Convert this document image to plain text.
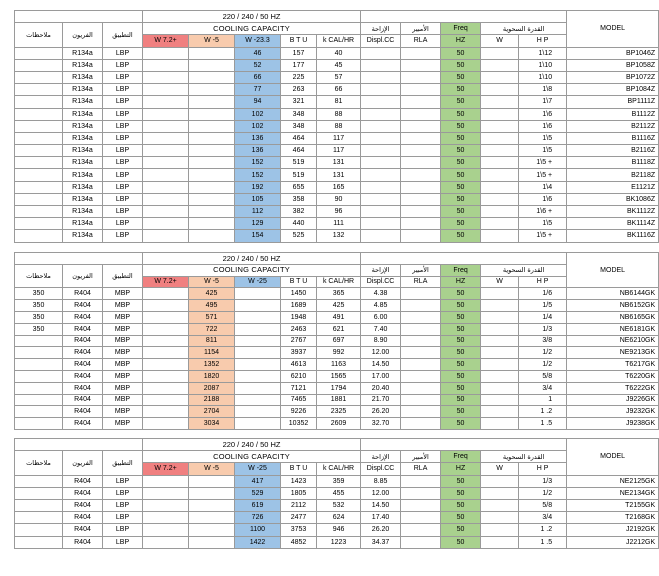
			220 / 240 / 50 HZ										MODEL
ملاحظات	الفريون	التطبيق	COOLING CAPACITY					الإزاحة	الأمبير	Freq	القدرة السحوية		
			W 7.2+	W -5	W -23.3	B T U	k CAL/HR	Displ.CC	RLA	HZ	W	H P	
	R134a	LBP			46	157	40			50		1\12	BP1046Z
	R134a	LBP			52	177	45			50		1\10	BP1058Z
	R134a	LBP			66	225	57			50		1\10	BP1072Z
	R134a	LBP			77	263	66			50		1\8	BP1084Z
	R134a	LBP			94	321	81			50		1\7	BP1111Z
	R134a	LBP			102	348	88			50		1\6	B1112Z
	R134a	LBP			102	348	88			50		1\6	B2112Z
	R134a	LBP			136	464	117			50		1\5	B1116Z
	R134a	LBP			136	464	117			50		1\5	B2116Z
	R134a	LBP			152	519	131			50		1\5 +	B1118Z
	R134a	LBP			152	519	131			50		1\5 +	B2118Z
	R134a	LBP			192	655	165			50		1\4	E1121Z
	R134a	LBP			105	358	90			50		1\6	BK1086Z
	R134a	LBP			112	382	96			50		1\6 +	BK1112Z
	R134a	LBP			129	440	111			50		1\5	BK1114Z
	R134a	LBP			154	525	132			50		1\5 +	BK1116Z
			220 / 240 / 50 HZ										MODEL
ملاحظات	الفريون	التطبيق	COOLING CAPACITY					الإزاحة	الأمبير	Freq	القدرة السحوية		
			W 7.2+	W -5	W -25	B T U	k CAL/HR	Displ.CC	RLA	HZ	W	H P	
350	R404	MBP		425		1450	365	4.38		50		1/6	NB6144GK
350	R404	MBP		495		1689	425	4.85		50		1/5	NB6152GK
350	R404	MBP		571		1948	491	6.00		50		1/4	NB6165GK
350	R404	MBP		722		2463	621	7.40		50		1/3	NE6181GK
	R404	MBP		811		2767	697	8.90		50		3/8	NE6210GK
	R404	MBP		1154		3937	992	12.00		50		1/2	NE9213GK
	R404	MBP		1352		4613	1163	14.50		50		1/2	T6217GK
	R404	MBP		1820		6210	1565	17.00		50		5/8	T6220GK
	R404	MBP		2087		7121	1794	20.40		50		3/4	T6222GK
	R404	MBP		2188		7465	1881	21.70		50		1	J9226GK
	R404	MBP		2704		9226	2325	26.20		50		1 .2	J9232GK
	R404	MBP		3034		10352	2609	32.70		50		1 .5	J9238GK
			220 / 240 / 50 HZ										MODEL
ملاحظات	الفريون	التطبيق	COOLING CAPACITY					الإزاحة	الأمبير	Freq	القدرة السحوية		
			W 7.2+	W -5	W -25	B T U	k CAL/HR	Displ.CC	RLA	HZ	W	H P	
	R404	LBP			417	1423	359	8.85		50		1/3	NE2125GK
	R404	LBP			529	1805	455	12.00		50		1/2	NE2134GK
	R404	LBP			619	2112	532	14.50		50		5/8	T2155GK
	R404	LBP			726	2477	624	17.40		50		3/4	T2168GK
	R404	LBP			1100	3753	946	26.20		50		1 .2	J2192GK
	R404	LBP			1422	4852	1223	34.37		50		1 .5	J2212GK
